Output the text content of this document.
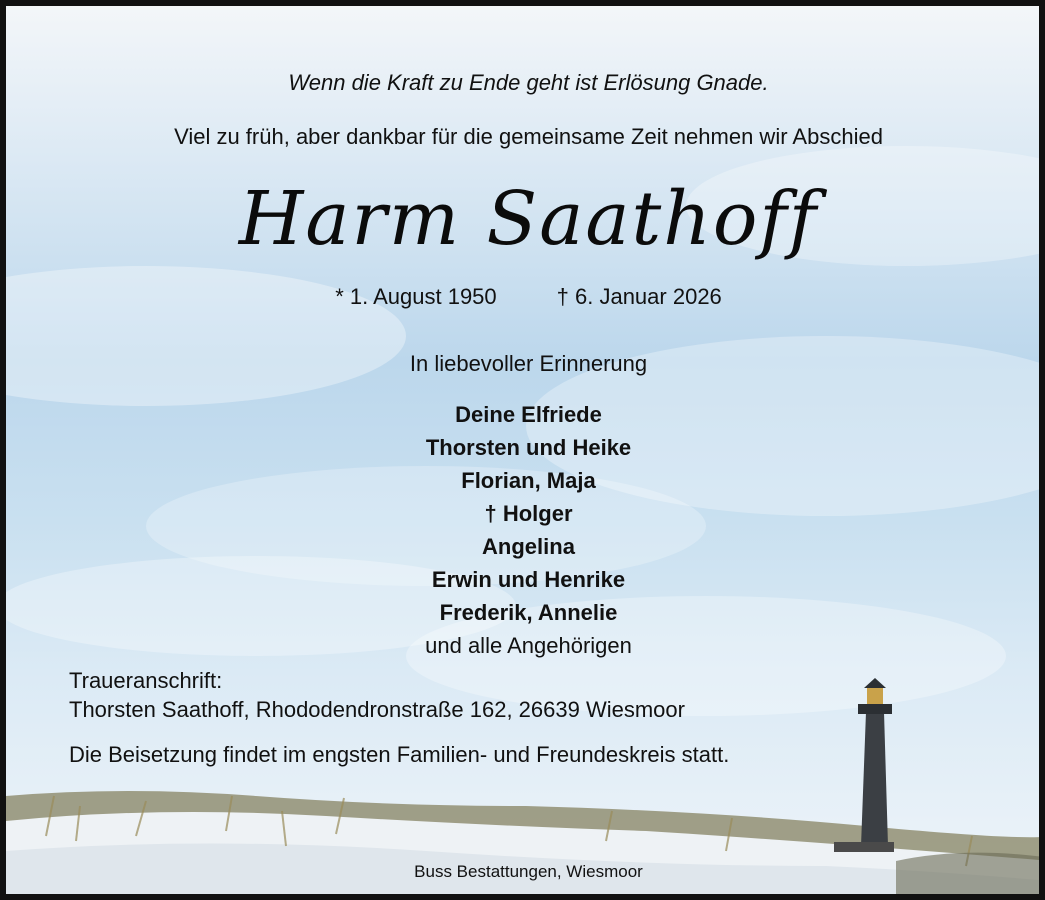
Wenn die Kraft zu Ende geht ist Erlösung Gnade.
Viel zu früh, aber dankbar für die gemeinsame Zeit nehmen wir Abschied
Harm Saathoff
* 1. August 1950	† 6. Januar 2026
In liebevoller Erinnerung
Deine Elfriede
Thorsten und Heike
Florian, Maja
† Holger
Angelina
Erwin und Henrike
Frederik, Annelie
und alle Angehörigen
Traueranschrift:
Thorsten Saathoff, Rhododendronstraße 162, 26639 Wiesmoor
Die Beisetzung findet im engsten Familien- und Freundeskreis statt.
Buss Bestattungen, Wiesmoor
